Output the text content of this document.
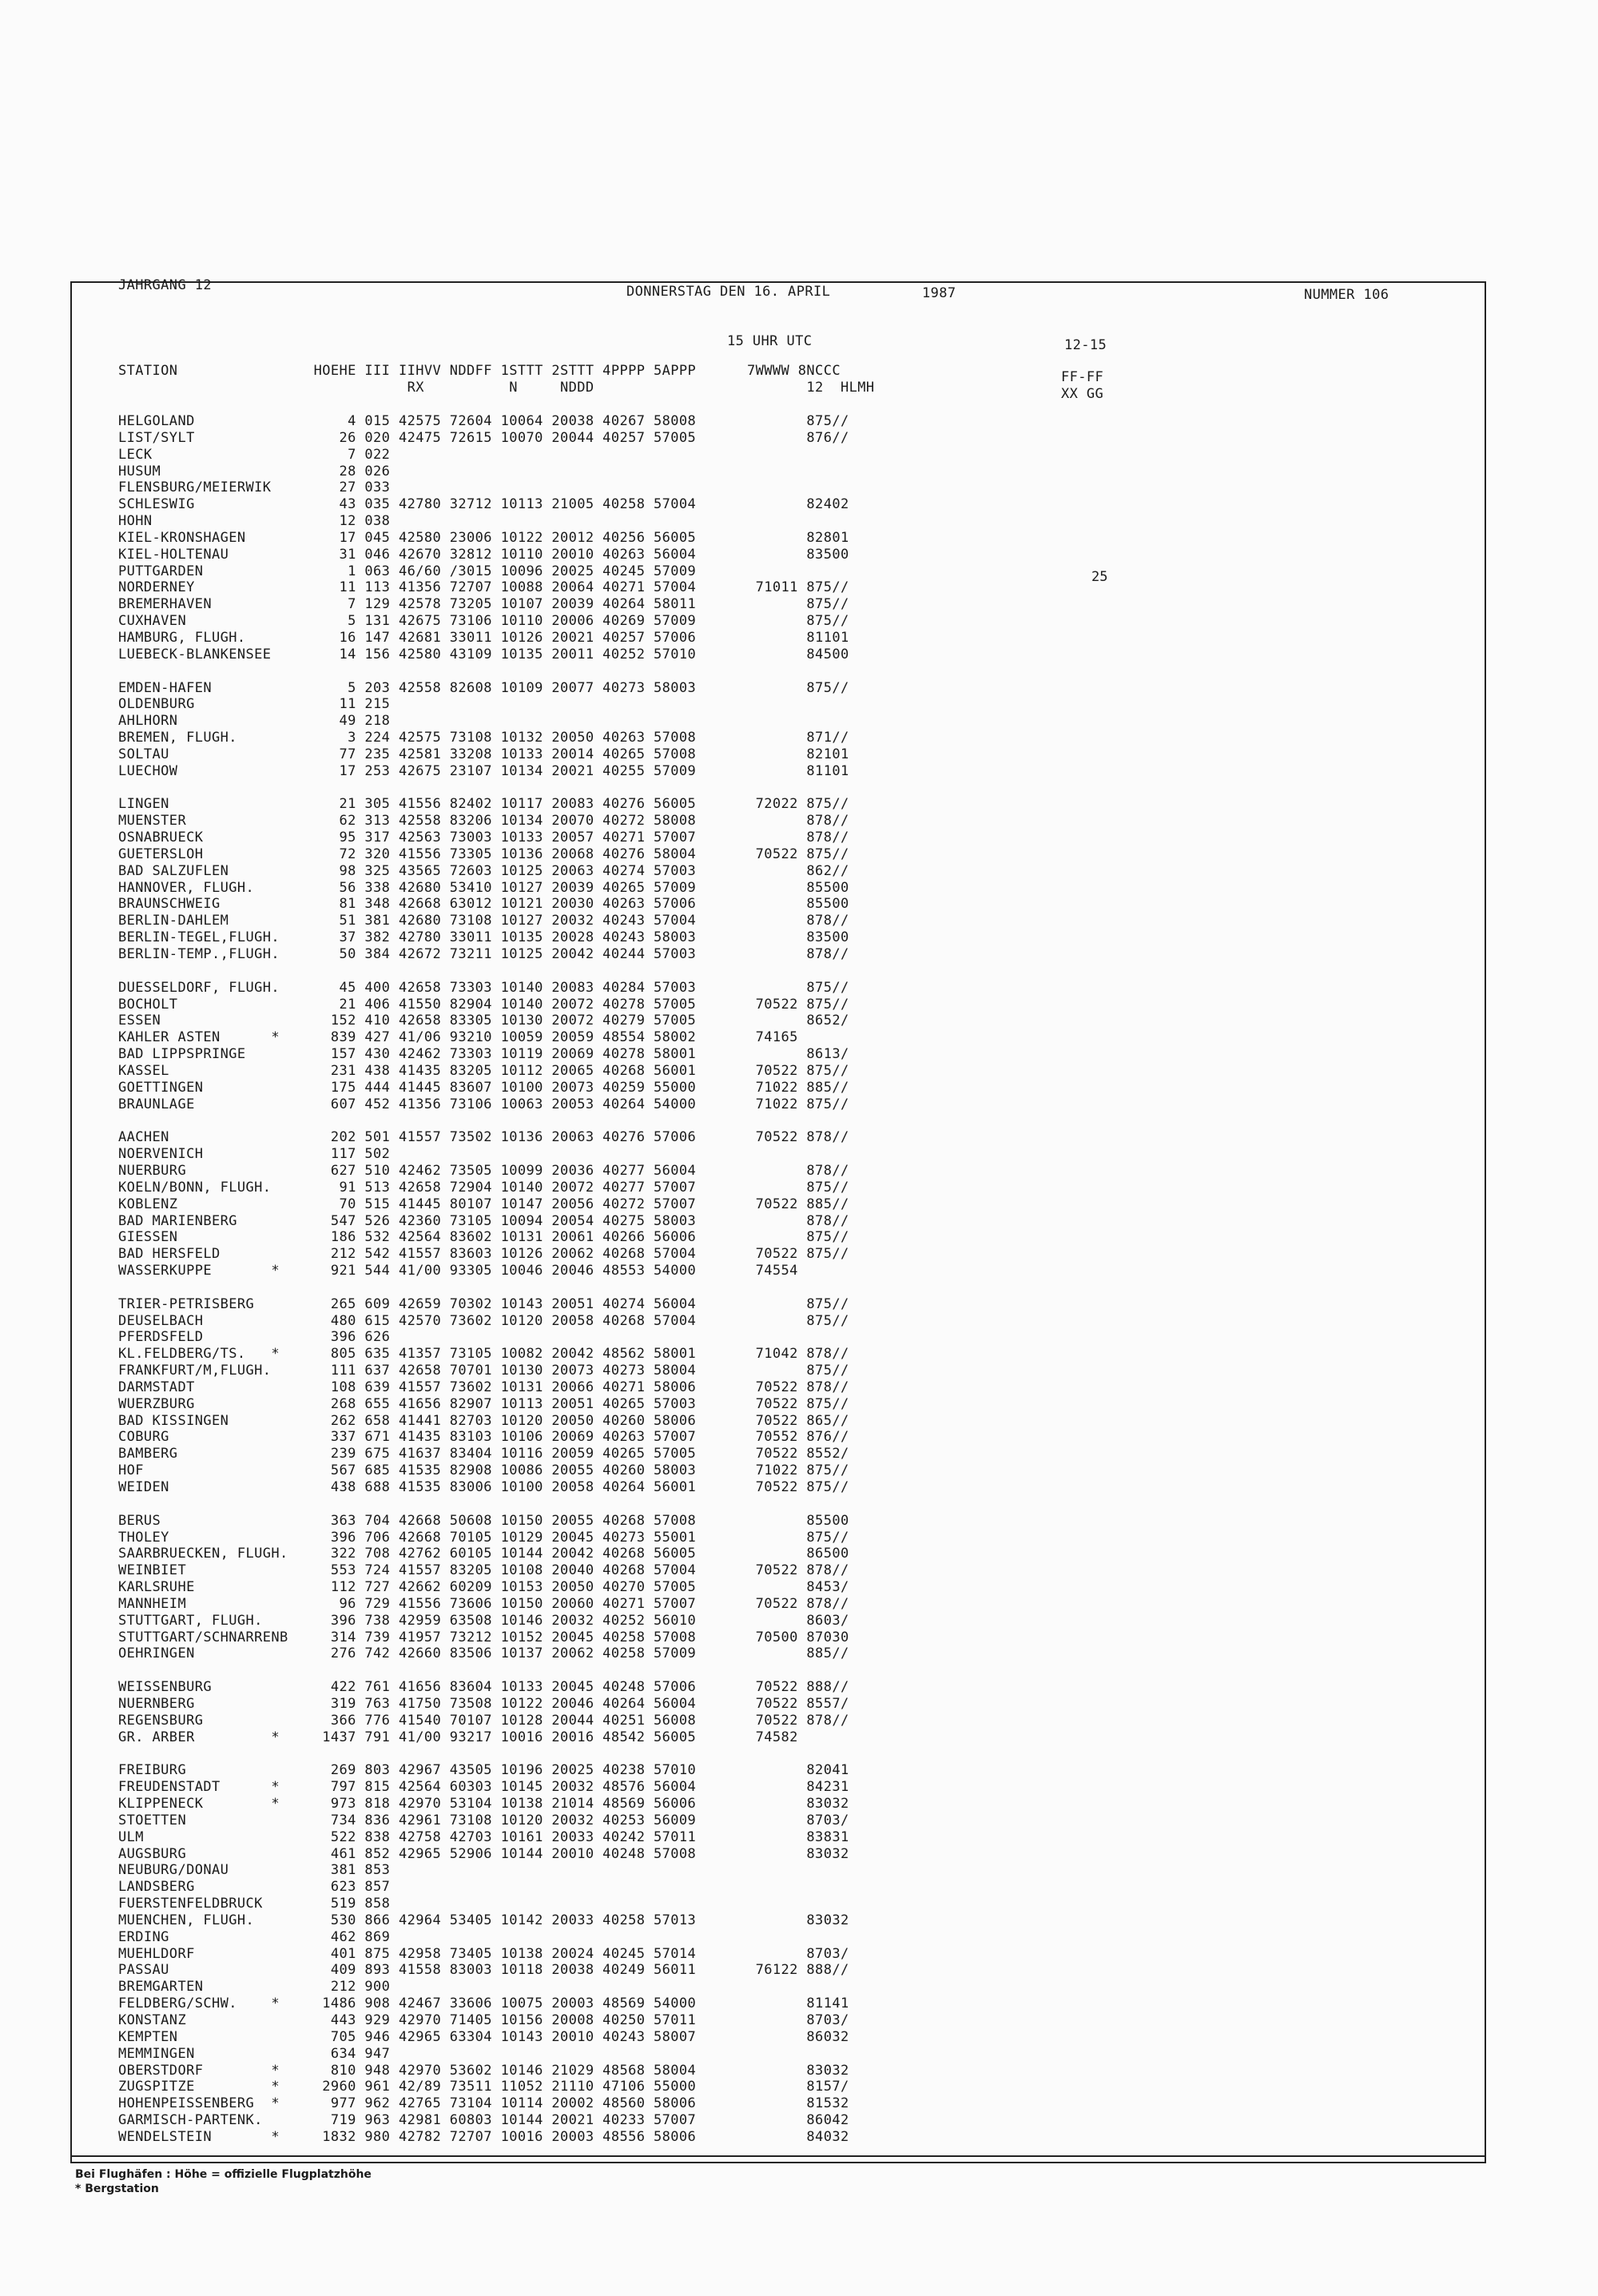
JAHRGANG 12	DONNERSTAG DEN 16. APRIL	1987	NUMMER 106
15 UHR UTC	12-15
STATION                HOEHE III IIHVV NDDFF 1STTT 2STTT 4PPPP 5APPP      7WWWW 8NCCC
RX          N     NDDD                         12  HLMH
FF-FF
XX GG
25
HELGOLAND                  4 015 42575 72604 10064 20038 40267 58008             875//
LIST/SYLT                 26 020 42475 72615 10070 20044 40257 57005             876//
LECK                       7 022
HUSUM                     28 026
FLENSBURG/MEIERWIK        27 033
SCHLESWIG                 43 035 42780 32712 10113 21005 40258 57004             82402
HOHN                      12 038
KIEL-KRONSHAGEN           17 045 42580 23006 10122 20012 40256 56005             82801
KIEL-HOLTENAU             31 046 42670 32812 10110 20010 40263 56004             83500
PUTTGARDEN                 1 063 46/60 /3015 10096 20025 40245 57009
NORDERNEY                 11 113 41356 72707 10088 20064 40271 57004       71011 875//
BREMERHAVEN                7 129 42578 73205 10107 20039 40264 58011             875//
CUXHAVEN                   5 131 42675 73106 10110 20006 40269 57009             875//
HAMBURG, FLUGH.           16 147 42681 33011 10126 20021 40257 57006             81101
LUEBECK-BLANKENSEE        14 156 42580 43109 10135 20011 40252 57010             84500
EMDEN-HAFEN                5 203 42558 82608 10109 20077 40273 58003             875//
OLDENBURG                 11 215
AHLHORN                   49 218
BREMEN, FLUGH.             3 224 42575 73108 10132 20050 40263 57008             871//
SOLTAU                    77 235 42581 33208 10133 20014 40265 57008             82101
LUECHOW                   17 253 42675 23107 10134 20021 40255 57009             81101
LINGEN                    21 305 41556 82402 10117 20083 40276 56005       72022 875//
MUENSTER                  62 313 42558 83206 10134 20070 40272 58008             878//
OSNABRUECK                95 317 42563 73003 10133 20057 40271 57007             878//
GUETERSLOH                72 320 41556 73305 10136 20068 40276 58004       70522 875//
BAD SALZUFLEN             98 325 43565 72603 10125 20063 40274 57003             862//
HANNOVER, FLUGH.          56 338 42680 53410 10127 20039 40265 57009             85500
BRAUNSCHWEIG              81 348 42668 63012 10121 20030 40263 57006             85500
BERLIN-DAHLEM             51 381 42680 73108 10127 20032 40243 57004             878//
BERLIN-TEGEL,FLUGH.       37 382 42780 33011 10135 20028 40243 58003             83500
BERLIN-TEMP.,FLUGH.       50 384 42672 73211 10125 20042 40244 57003             878//
DUESSELDORF, FLUGH.       45 400 42658 73303 10140 20083 40284 57003             875//
BOCHOLT                   21 406 41550 82904 10140 20072 40278 57005       70522 875//
ESSEN                    152 410 42658 83305 10130 20072 40279 57005             8652/
KAHLER ASTEN      *      839 427 41/06 93210 10059 20059 48554 58002       74165
BAD LIPPSPRINGE          157 430 42462 73303 10119 20069 40278 58001             8613/
KASSEL                   231 438 41435 83205 10112 20065 40268 56001       70522 875//
GOETTINGEN               175 444 41445 83607 10100 20073 40259 55000       71022 885//
BRAUNLAGE                607 452 41356 73106 10063 20053 40264 54000       71022 875//
AACHEN                   202 501 41557 73502 10136 20063 40276 57006       70522 878//
NOERVENICH               117 502
NUERBURG                 627 510 42462 73505 10099 20036 40277 56004             878//
KOELN/BONN, FLUGH.        91 513 42658 72904 10140 20072 40277 57007             875//
KOBLENZ                   70 515 41445 80107 10147 20056 40272 57007       70522 885//
BAD MARIENBERG           547 526 42360 73105 10094 20054 40275 58003             878//
GIESSEN                  186 532 42564 83602 10131 20061 40266 56006             875//
BAD HERSFELD             212 542 41557 83603 10126 20062 40268 57004       70522 875//
WASSERKUPPE       *      921 544 41/00 93305 10046 20046 48553 54000       74554
TRIER-PETRISBERG         265 609 42659 70302 10143 20051 40274 56004             875//
DEUSELBACH               480 615 42570 73602 10120 20058 40268 57004             875//
PFERDSFELD               396 626
KL.FELDBERG/TS.   *      805 635 41357 73105 10082 20042 48562 58001       71042 878//
FRANKFURT/M,FLUGH.       111 637 42658 70701 10130 20073 40273 58004             875//
DARMSTADT                108 639 41557 73602 10131 20066 40271 58006       70522 878//
WUERZBURG                268 655 41656 82907 10113 20051 40265 57003       70522 875//
BAD KISSINGEN            262 658 41441 82703 10120 20050 40260 58006       70522 865//
COBURG                   337 671 41435 83103 10106 20069 40263 57007       70552 876//
BAMBERG                  239 675 41637 83404 10116 20059 40265 57005       70522 8552/
HOF                      567 685 41535 82908 10086 20055 40260 58003       71022 875//
WEIDEN                   438 688 41535 83006 10100 20058 40264 56001       70522 875//
BERUS                    363 704 42668 50608 10150 20055 40268 57008             85500
THOLEY                   396 706 42668 70105 10129 20045 40273 55001             875//
SAARBRUECKEN, FLUGH.     322 708 42762 60105 10144 20042 40268 56005             86500
WEINBIET                 553 724 41557 83205 10108 20040 40268 57004       70522 878//
KARLSRUHE                112 727 42662 60209 10153 20050 40270 57005             8453/
MANNHEIM                  96 729 41556 73606 10150 20060 40271 57007       70522 878//
STUTTGART, FLUGH.        396 738 42959 63508 10146 20032 40252 56010             8603/
STUTTGART/SCHNARRENB     314 739 41957 73212 10152 20045 40258 57008       70500 87030
OEHRINGEN                276 742 42660 83506 10137 20062 40258 57009             885//
WEISSENBURG              422 761 41656 83604 10133 20045 40248 57006       70522 888//
NUERNBERG                319 763 41750 73508 10122 20046 40264 56004       70522 8557/
REGENSBURG               366 776 41540 70107 10128 20044 40251 56008       70522 878//
GR. ARBER         *     1437 791 41/00 93217 10016 20016 48542 56005       74582
FREIBURG                 269 803 42967 43505 10196 20025 40238 57010             82041
FREUDENSTADT      *      797 815 42564 60303 10145 20032 48576 56004             84231
KLIPPENECK        *      973 818 42970 53104 10138 21014 48569 56006             83032
STOETTEN                 734 836 42961 73108 10120 20032 40253 56009             8703/
ULM                      522 838 42758 42703 10161 20033 40242 57011             83831
AUGSBURG                 461 852 42965 52906 10144 20010 40248 57008             83032
NEUBURG/DONAU            381 853
LANDSBERG                623 857
FUERSTENFELDBRUCK        519 858
MUENCHEN, FLUGH.         530 866 42964 53405 10142 20033 40258 57013             83032
ERDING                   462 869
MUEHLDORF                401 875 42958 73405 10138 20024 40245 57014             8703/
PASSAU                   409 893 41558 83003 10118 20038 40249 56011       76122 888//
BREMGARTEN               212 900
FELDBERG/SCHW.    *     1486 908 42467 33606 10075 20003 48569 54000             81141
KONSTANZ                 443 929 42970 71405 10156 20008 40250 57011             8703/
KEMPTEN                  705 946 42965 63304 10143 20010 40243 58007             86032
MEMMINGEN                634 947
OBERSTDORF        *      810 948 42970 53602 10146 21029 48568 58004             83032
ZUGSPITZE         *     2960 961 42/89 73511 11052 21110 47106 55000             8157/
HOHENPEISSENBERG  *      977 962 42765 73104 10114 20002 48560 58006             81532
GARMISCH-PARTENK.        719 963 42981 60803 10144 20021 40233 57007             86042
WENDELSTEIN       *     1832 980 42782 72707 10016 20003 48556 58006             84032
Bei Flughäfen : Höhe = offizielle Flugplatzhöhe
* Bergstation
